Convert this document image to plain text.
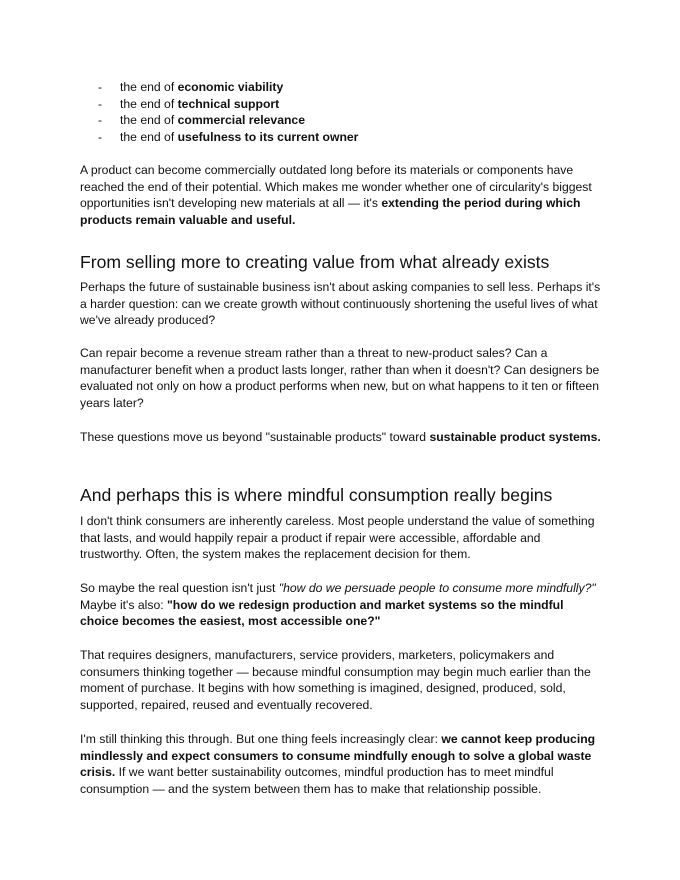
- the end of economic viability
- the end of technical support
- the end of commercial relevance
- the end of usefulness to its current owner

A product can become commercially outdated long before its materials or components have reached the end of their potential. Which makes me wonder whether one of circularity's biggest opportunities isn't developing new materials at all — it's extending the period during which products remain valuable and useful.

From selling more to creating value from what already exists

Perhaps the future of sustainable business isn't about asking companies to sell less. Perhaps it's a harder question: can we create growth without continuously shortening the useful lives of what we've already produced?

Can repair become a revenue stream rather than a threat to new-product sales? Can a manufacturer benefit when a product lasts longer, rather than when it doesn't? Can designers be evaluated not only on how a product performs when new, but on what happens to it ten or fifteen years later?

These questions move us beyond "sustainable products" toward sustainable product systems.

And perhaps this is where mindful consumption really begins

I don't think consumers are inherently careless. Most people understand the value of something that lasts, and would happily repair a product if repair were accessible, affordable and trustworthy. Often, the system makes the replacement decision for them.

So maybe the real question isn't just "how do we persuade people to consume more mindfully?" Maybe it's also: "how do we redesign production and market systems so the mindful choice becomes the easiest, most accessible one?"

That requires designers, manufacturers, service providers, marketers, policymakers and consumers thinking together — because mindful consumption may begin much earlier than the moment of purchase. It begins with how something is imagined, designed, produced, sold, supported, repaired, reused and eventually recovered.

I'm still thinking this through. But one thing feels increasingly clear: we cannot keep producing mindlessly and expect consumers to consume mindfully enough to solve a global waste crisis. If we want better sustainability outcomes, mindful production has to meet mindful consumption — and the system between them has to make that relationship possible.
